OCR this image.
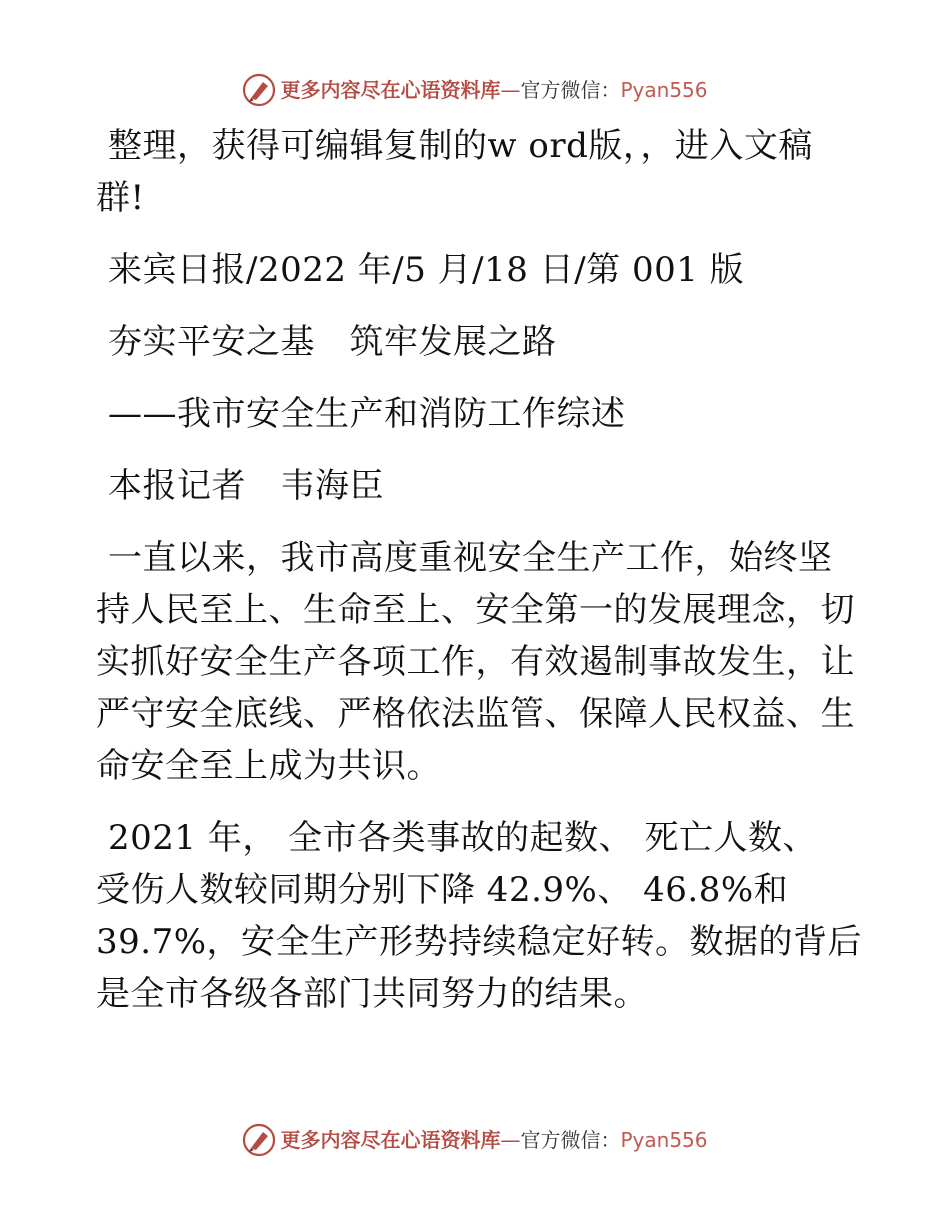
更多内容尽在心语资料库—官方微信：Pyan556

整理，获得可编辑复制的w ord版，，进入文稿
群!

来宾日报/2022 年/5 月/18 日/第 001 版

夯实平安之基　筑牢发展之路

——我市安全生产和消防工作综述

本报记者　韦海臣

一直以来，我市高度重视安全生产工作，始终坚
持人民至上、生命至上、安全第一的发展理念，切
实抓好安全生产各项工作，有效遏制事故发生，让
严守安全底线、严格依法监管、保障人民权益、生
命安全至上成为共识。

2021 年， 全市各类事故的起数、 死亡人数、
受伤人数较同期分别下降 42.9%、 46.8%和
39.7%，安全生产形势持续稳定好转。数据的背后
是全市各级各部门共同努力的结果。

更多内容尽在心语资料库—官方微信：Pyan556
